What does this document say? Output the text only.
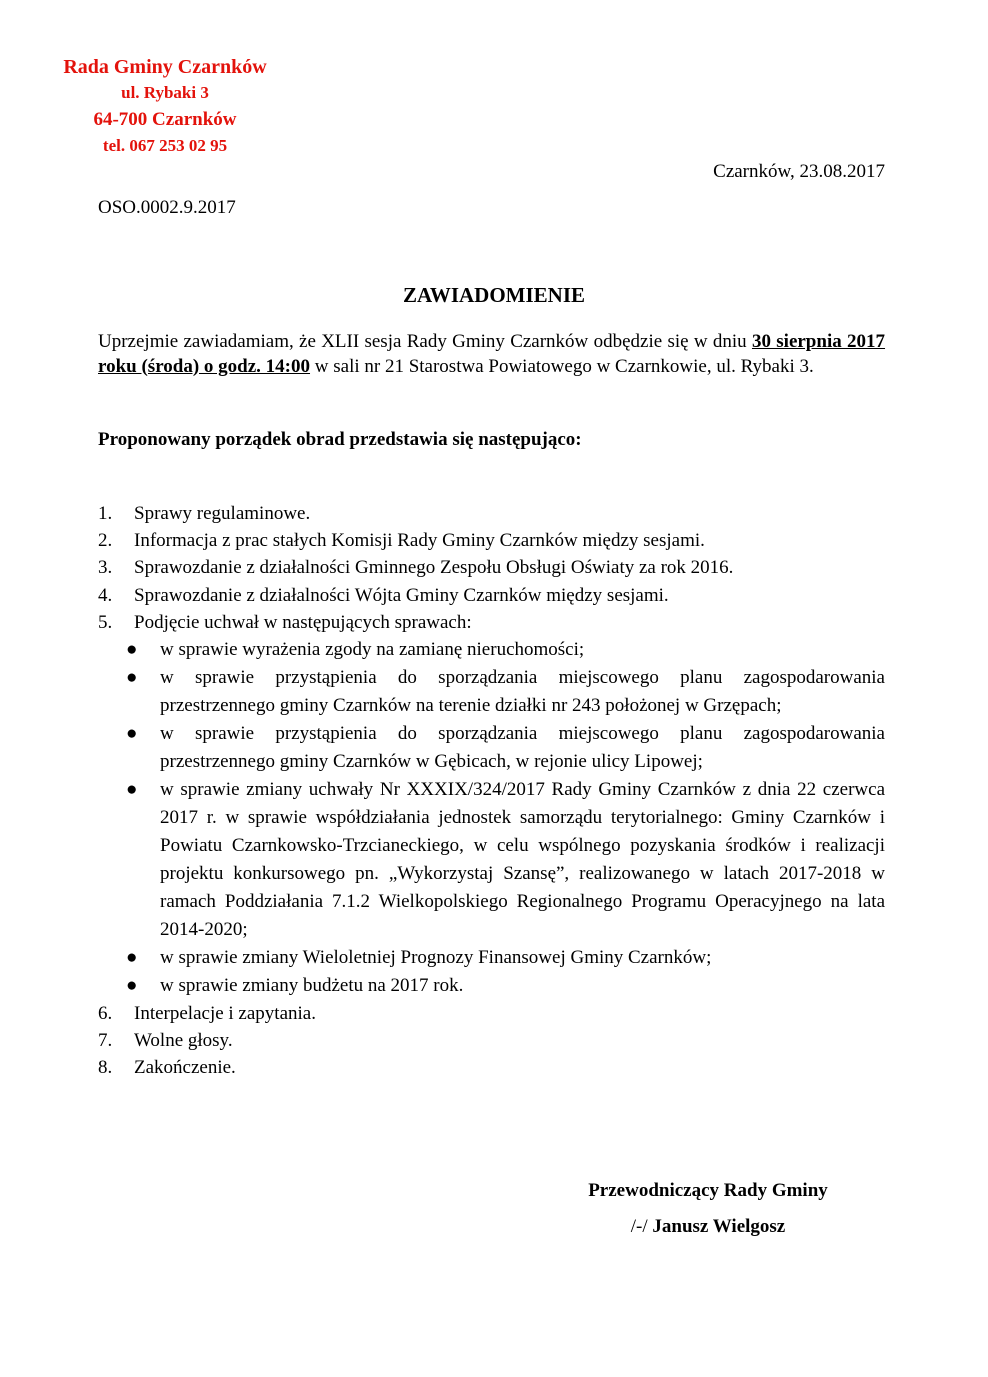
Rada Gminy Czarnków
ul. Rybaki 3
64-700 Czarnków
tel. 067 253 02 95
Czarnków, 23.08.2017
OSO.0002.9.2017
ZAWIADOMIENIE
Uprzejmie zawiadamiam, że XLII sesja Rady Gminy Czarnków odbędzie się w dniu 30 sierpnia 2017 roku (środa) o godz. 14:00 w sali nr 21 Starostwa Powiatowego w Czarnkowie, ul. Rybaki 3.
Proponowany porządek obrad przedstawia się następująco:
1. Sprawy regulaminowe.
2. Informacja z prac stałych Komisji Rady Gminy Czarnków między sesjami.
3. Sprawozdanie z działalności Gminnego Zespołu Obsługi Oświaty za rok 2016.
4. Sprawozdanie z działalności Wójta Gminy Czarnków między sesjami.
5. Podjęcie uchwał w następujących sprawach:
● w sprawie wyrażenia zgody na zamianę nieruchomości;
● w sprawie przystąpienia do sporządzania miejscowego planu zagospodarowania przestrzennego gminy Czarnków na terenie działki nr 243 położonej w Grzępach;
● w sprawie przystąpienia do sporządzania miejscowego planu zagospodarowania przestrzennego gminy Czarnków w Gębicach, w rejonie ulicy Lipowej;
● w sprawie zmiany uchwały Nr XXXIX/324/2017 Rady Gminy Czarnków z dnia 22 czerwca 2017 r. w sprawie współdziałania jednostek samorządu terytorialnego: Gminy Czarnków i Powiatu Czarnkowsko-Trzcianeckiego, w celu wspólnego pozyskania środków i realizacji projektu konkursowego pn. „Wykorzystaj Szansę”, realizowanego w latach 2017-2018 w ramach Poddziałania 7.1.2 Wielkopolskiego Regionalnego Programu Operacyjnego na lata 2014-2020;
● w sprawie zmiany Wieloletniej Prognozy Finansowej Gminy Czarnków;
● w sprawie zmiany budżetu na 2017 rok.
6. Interpelacje i zapytania.
7. Wolne głosy.
8. Zakończenie.
Przewodniczący Rady Gminy
/-/ Janusz Wielgosz
